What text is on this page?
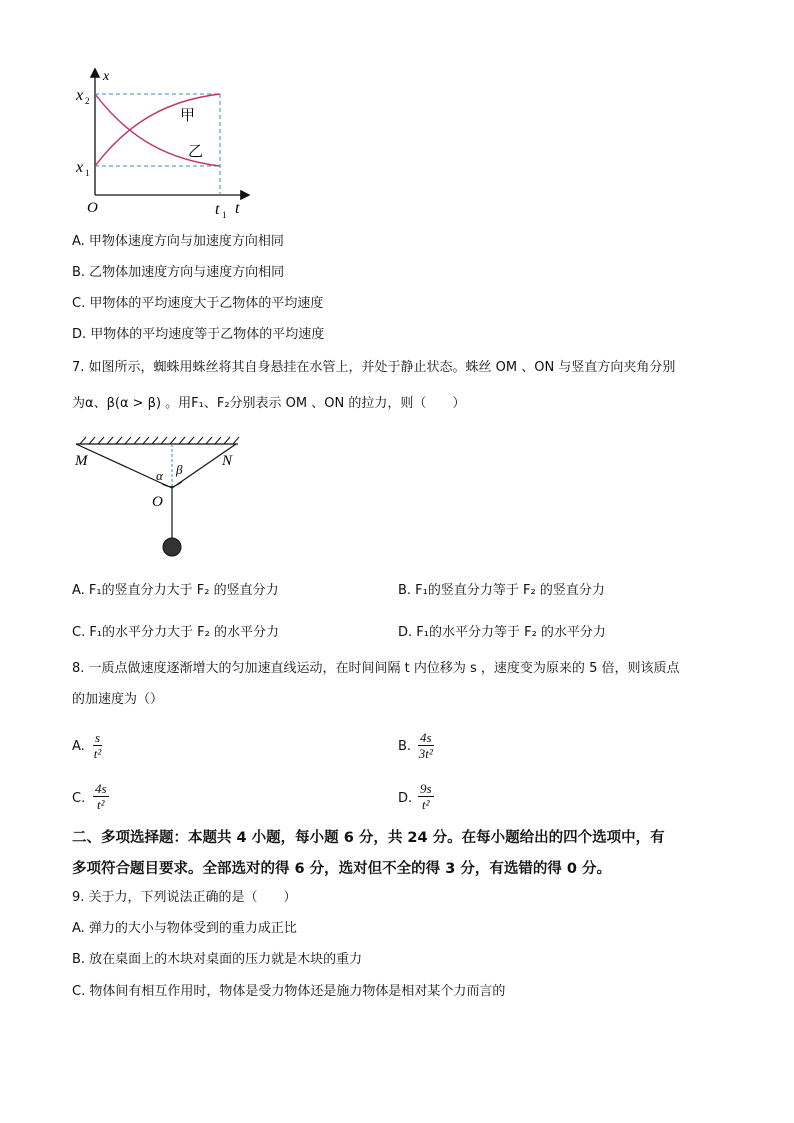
x
x 2
x 1
O	t 1 t
甲
乙
A. 甲物体速度方向与加速度方向相同
B. 乙物体加速度方向与速度方向相同
C. 甲物体的平均速度大于乙物体的平均速度
D. 甲物体的平均速度等于乙物体的平均速度
7. 如图所示，蜘蛛用蛛丝将其自身悬挂在水管上，并处于静止状态。蛛丝 OM 、ON 与竖直方向夹角分别
为α、β(α > β) 。用F₁、F₂分别表示 OM 、ON 的拉力，则（　　）
M	N
O
α β
A. F₁的竖直分力大于 F₂ 的竖直分力	B. F₁的竖直分力等于 F₂ 的竖直分力
C. F₁的水平分力大于 F₂ 的水平分力	D. F₁的水平分力等于 F₂ 的水平分力
8. 一质点做速度逐渐增大的匀加速直线运动，在时间间隔 t 内位移为 s ，速度变为原来的 5 倍，则该质点
的加速度为（）
A. $\frac{s}{\text{t²}}$	B. $\frac{4s}{\text{3t²}}$
C. $\frac{4s}{\text{t²}}$	D. $\frac{9s}{\text{t²}}$
二、多项选择题：本题共 4 小题，每小题 6 分，共 24 分。在每小题给出的四个选项中，有
多项符合题目要求。全部选对的得 6 分，选对但不全的得 3 分，有选错的得 0 分。
9. 关于力，下列说法正确的是（　　）
A. 弹力的大小与物体受到的重力成正比
B. 放在桌面上的木块对桌面的压力就是木块的重力
C. 物体间有相互作用时，物体是受力物体还是施力物体是相对某个力而言的
